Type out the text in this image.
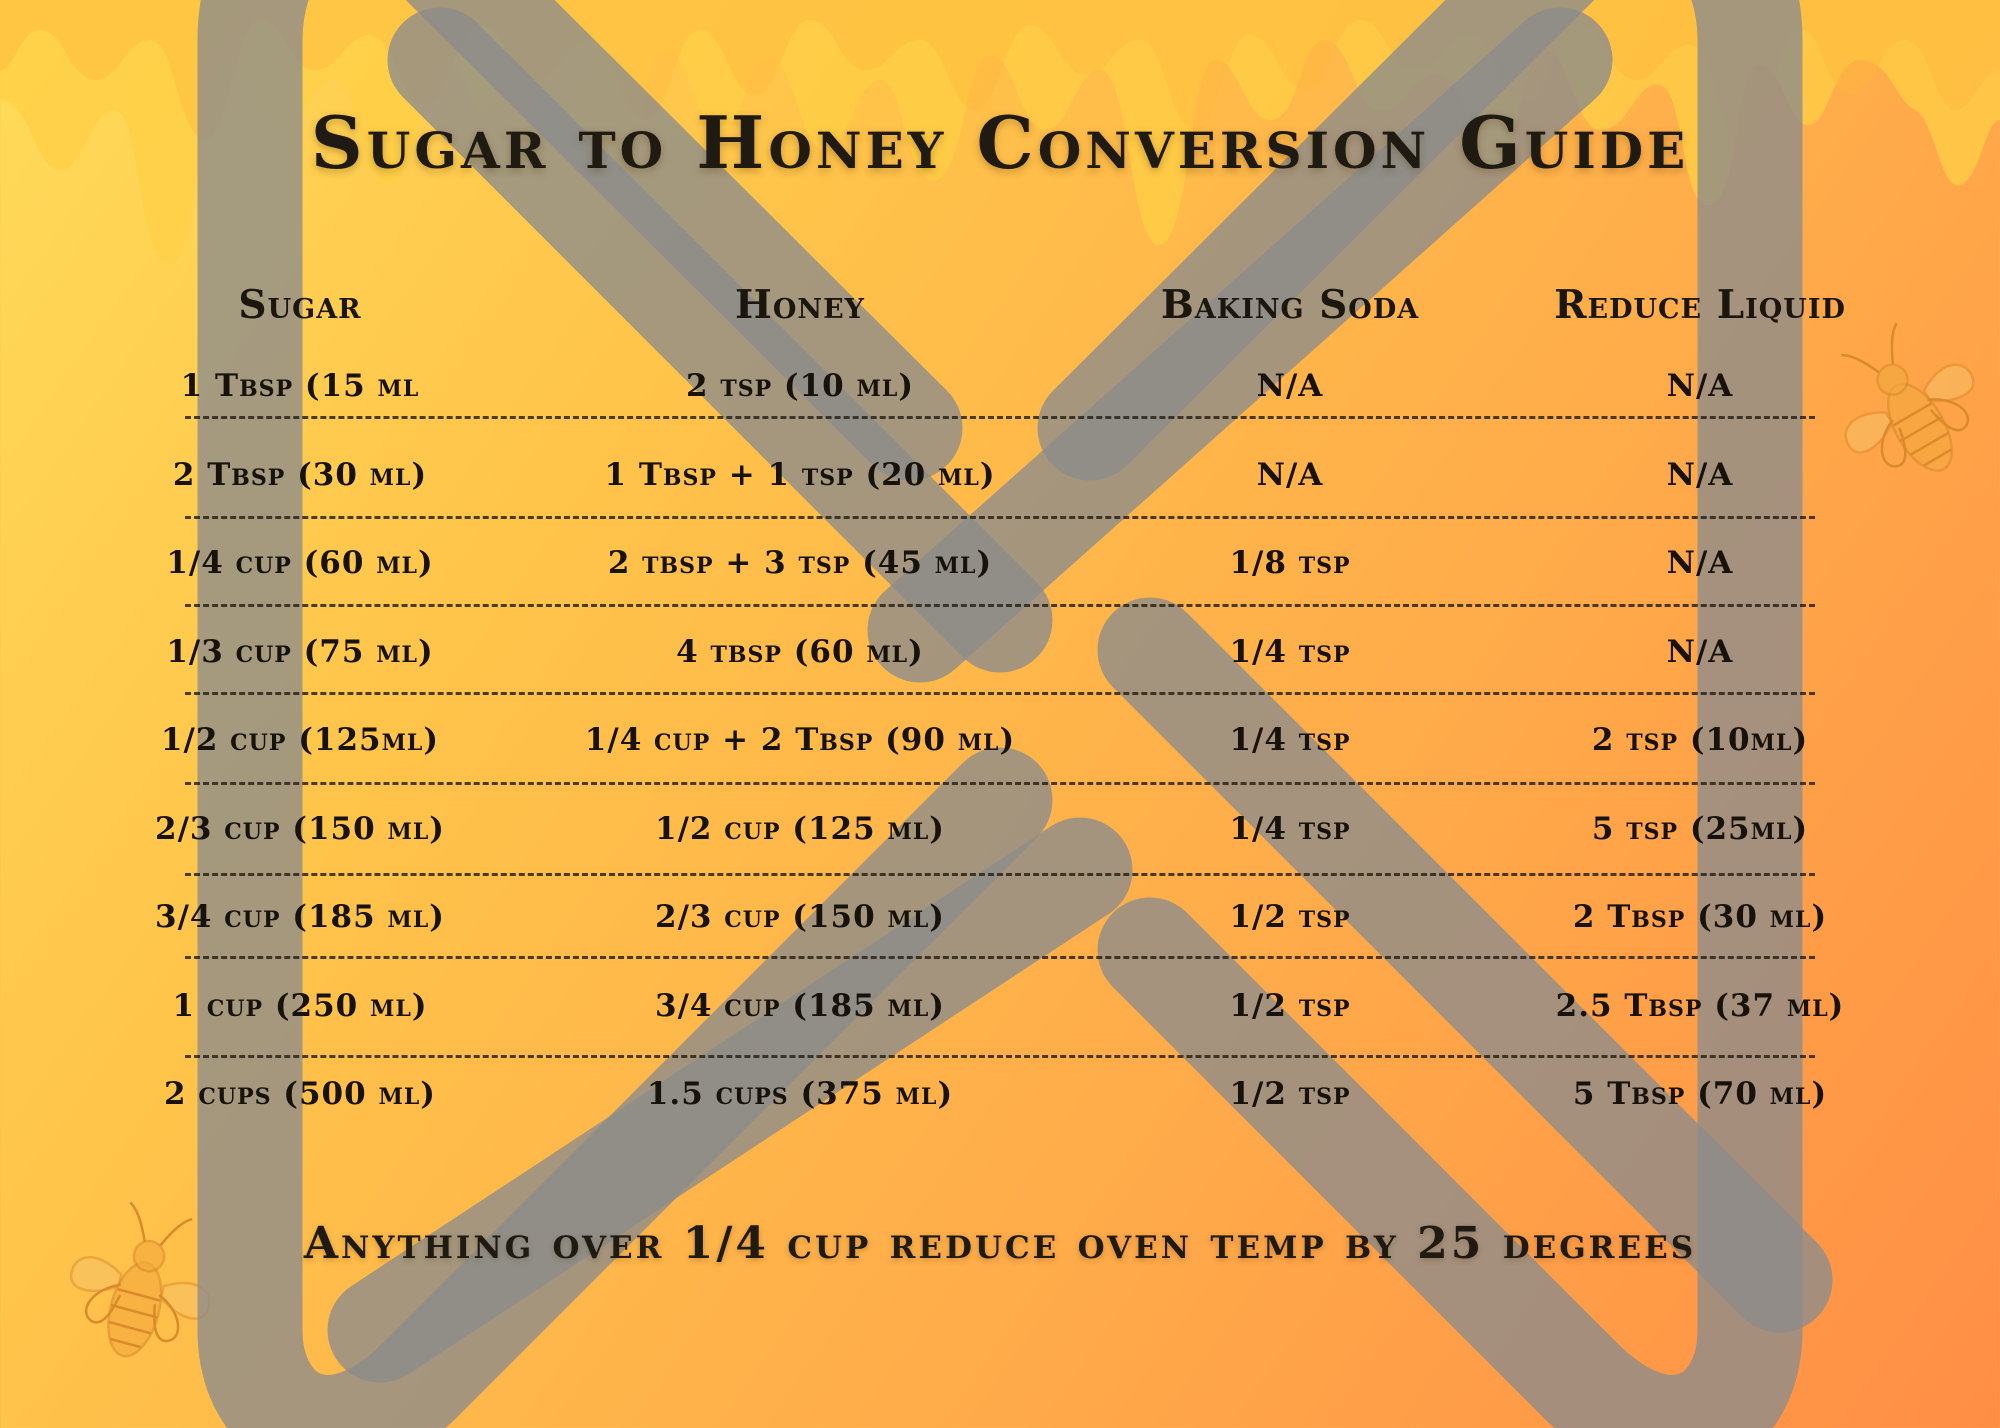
Sugar to Honey Conversion Guide
Sugar	Honey	Baking Soda	Reduce Liquid
1 Tbsp (15 ml	2 tsp (10 ml)	N/A	N/A
2 Tbsp (30 ml)	1 Tbsp + 1 tsp (20 ml)	N/A	N/A
1/4 cup (60 ml)	2 tbsp + 3 tsp (45 ml)	1/8 tsp	N/A
1/3 cup (75 ml)	4 tbsp (60 ml)	1/4 tsp	N/A
1/2 cup (125ml)	1/4 cup + 2 Tbsp (90 ml)	1/4 tsp	2 tsp (10ml)
2/3 cup (150 ml)	1/2 cup (125 ml)	1/4 tsp	5 tsp (25ml)
3/4 cup (185 ml)	2/3 cup (150 ml)	1/2 tsp	2 Tbsp (30 ml)
1 cup (250 ml)	3/4 cup (185 ml)	1/2 tsp	2.5 Tbsp (37 ml)
2 cups (500 ml)	1.5 cups (375 ml)	1/2 tsp	5 Tbsp (70 ml)

Anything over 1/4 cup reduce oven temp by 25 degrees
